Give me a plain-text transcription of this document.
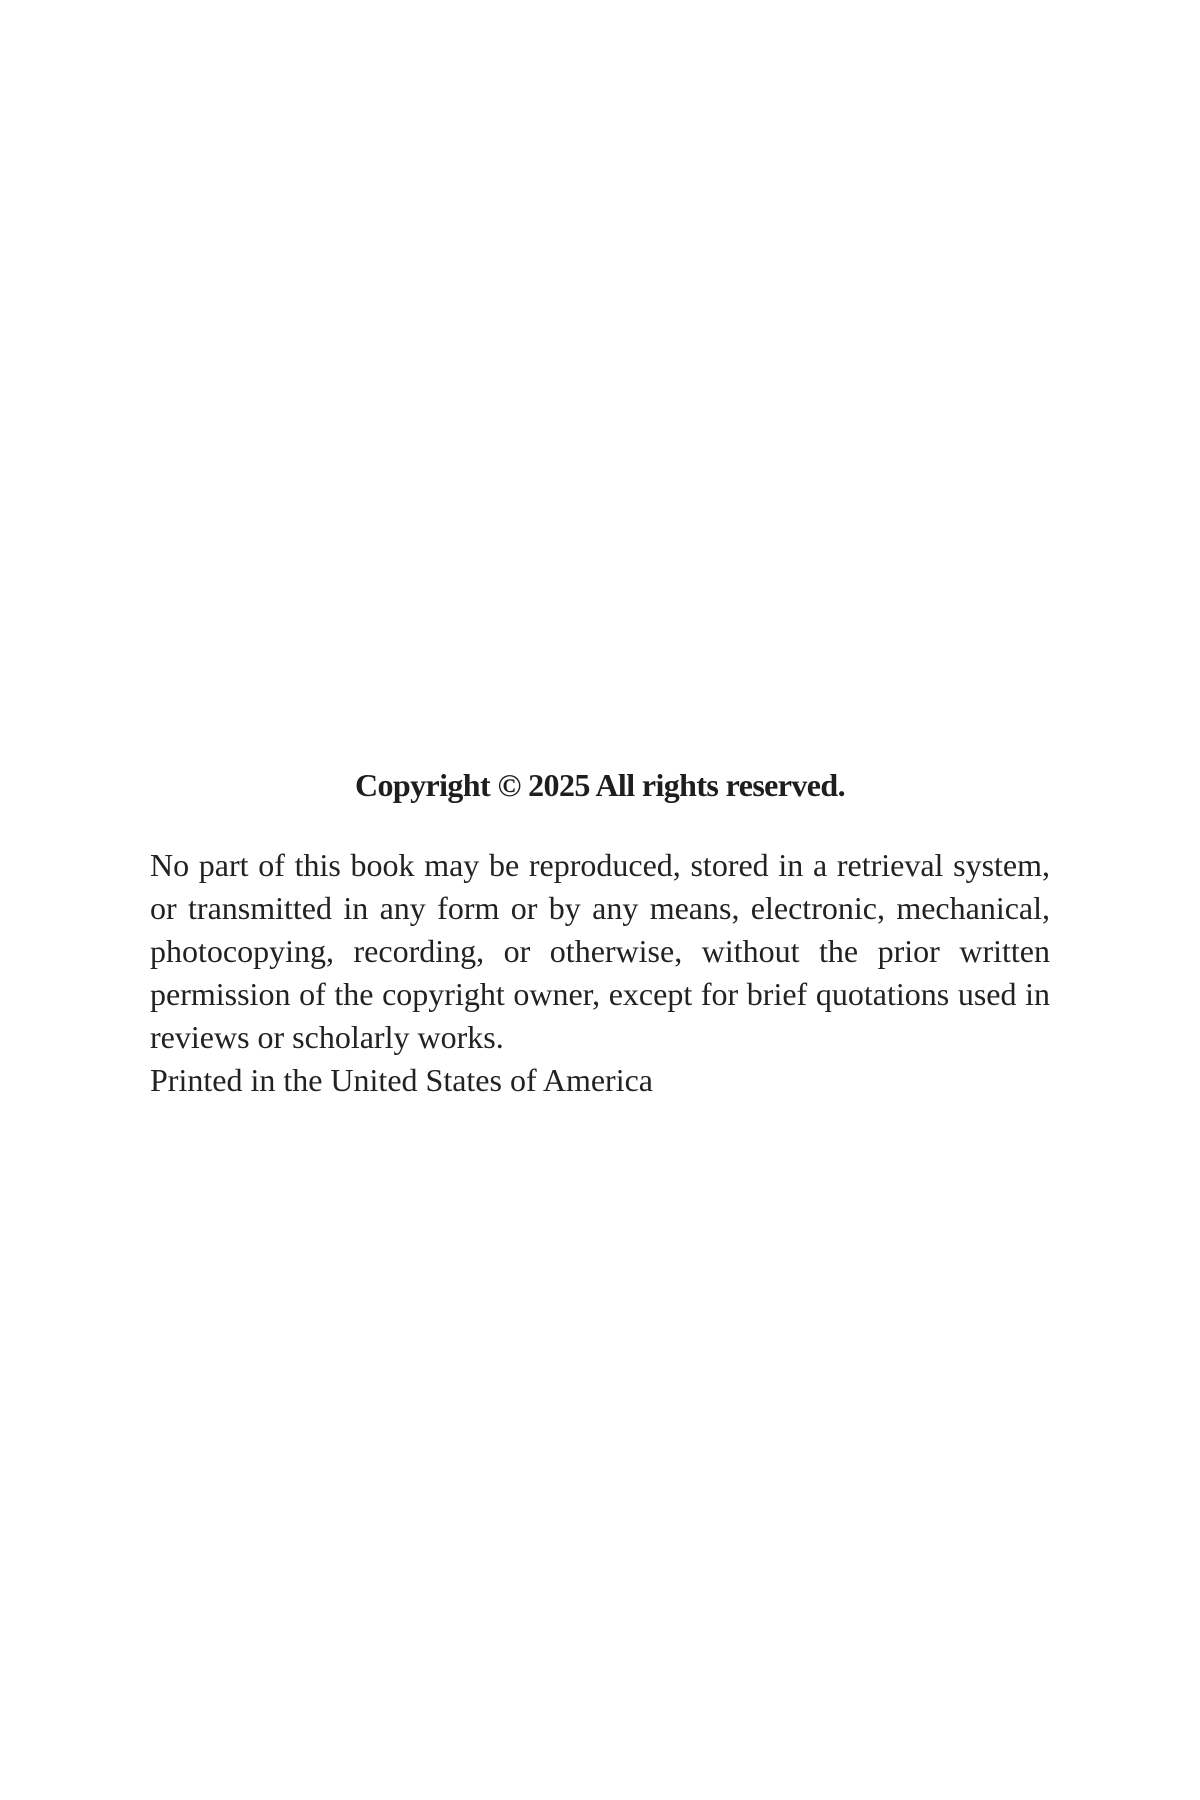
Copyright © 2025 All rights reserved.

No part of this book may be reproduced, stored in a retrieval system, or transmitted in any form or by any means, electronic, mechanical, photocopying, recording, or otherwise, without the prior written permission of the copyright owner, except for brief quotations used in reviews or scholarly works.

Printed in the United States of America
